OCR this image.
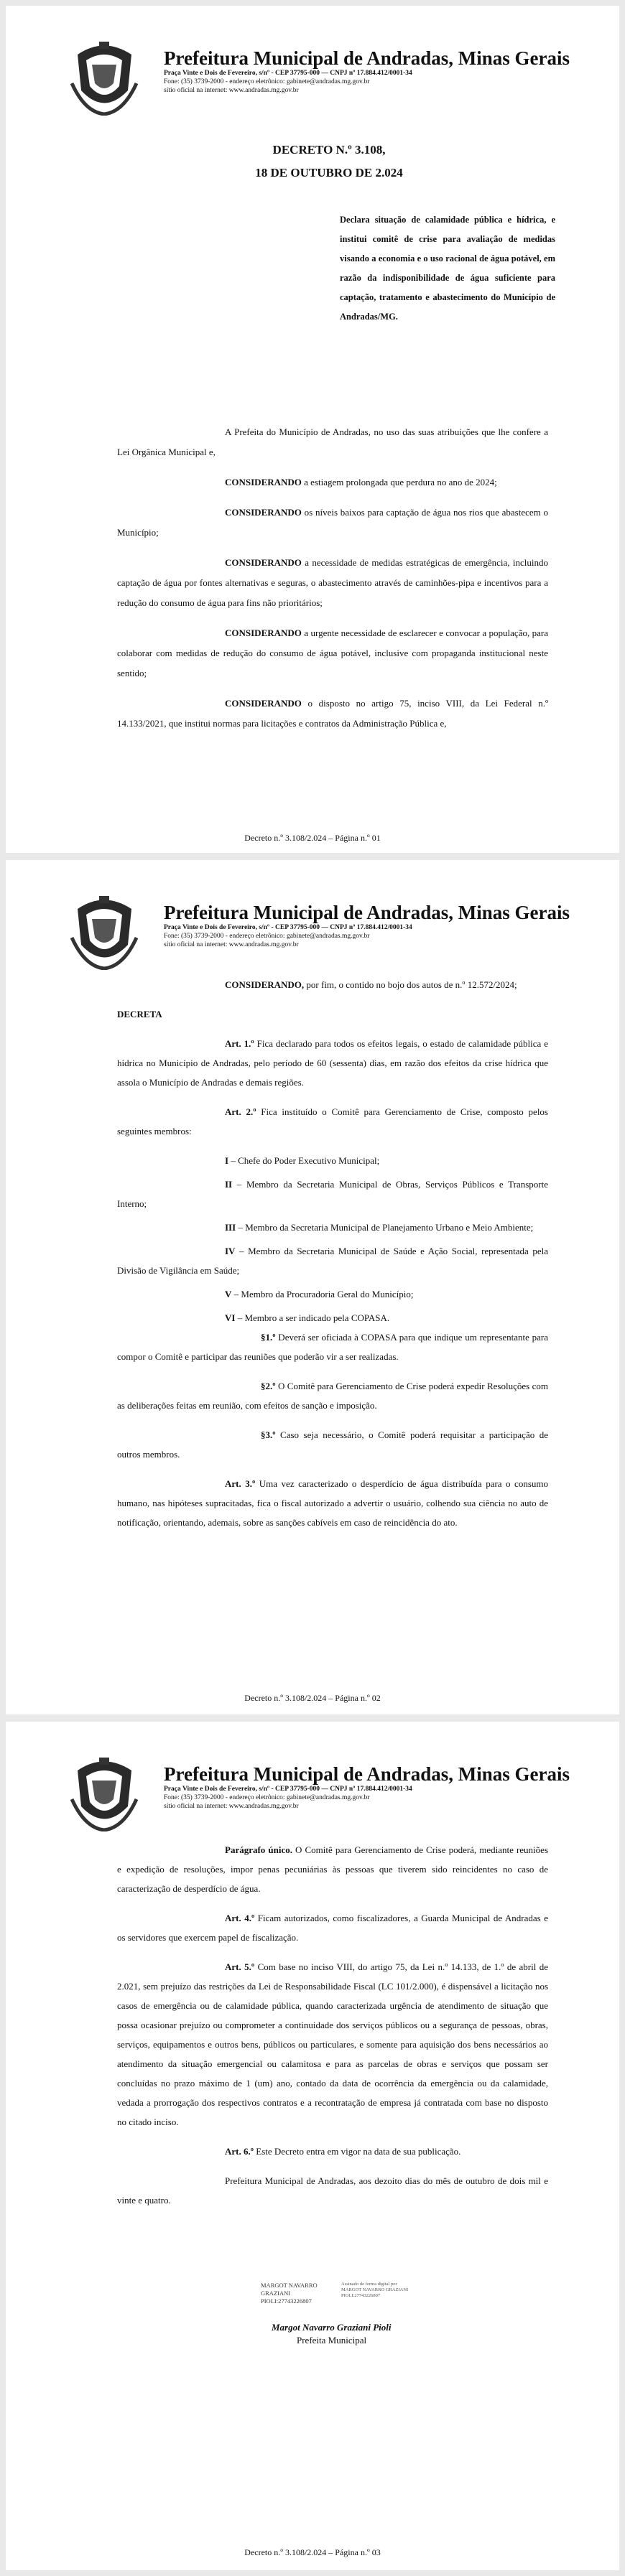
Prefeitura Municipal de Andradas, Minas Gerais
Praça Vinte e Dois de Fevereiro, s/nº - CEP 37795-000 — CNPJ nº 17.884.412/0001-34
Fone: (35) 3739-2000 - endereço eletrônico: gabinete@andradas.mg.gov.br
sítio oficial na internet: www.andradas.mg.gov.br
DECRETO N.º 3.108,
18 DE OUTUBRO DE 2.024
Declara situação de calamidade pública e hídrica, e institui comitê de crise para avaliação de medidas visando a economia e o uso racional de água potável, em razão da indisponibilidade de água suficiente para captação, tratamento e abastecimento do Município de Andradas/MG.

A Prefeita do Município de Andradas, no uso das suas atribuições que lhe confere a Lei Orgânica Municipal e,

CONSIDERANDO a estiagem prolongada que perdura no ano de 2024;

CONSIDERANDO os níveis baixos para captação de água nos rios que abastecem o Município;

CONSIDERANDO a necessidade de medidas estratégicas de emergência, incluindo captação de água por fontes alternativas e seguras, o abastecimento através de caminhões-pipa e incentivos para a redução do consumo de água para fins não prioritários;

CONSIDERANDO a urgente necessidade de esclarecer e convocar a população, para colaborar com medidas de redução do consumo de água potável, inclusive com propaganda institucional neste sentido;

CONSIDERANDO o disposto no artigo 75, inciso VIII, da Lei Federal n.º 14.133/2021, que institui normas para licitações e contratos da Administração Pública e,

Decreto n.º 3.108/2.024 – Página n.º 01
Prefeitura Municipal de Andradas, Minas Gerais
Praça Vinte e Dois de Fevereiro, s/nº - CEP 37795-000 — CNPJ nº 17.884.412/0001-34
Fone: (35) 3739-2000 - endereço eletrônico: gabinete@andradas.mg.gov.br
sítio oficial na internet: www.andradas.mg.gov.br

CONSIDERANDO, por fim, o contido no bojo dos autos de n.º 12.572/2024;

DECRETA

Art. 1.º Fica declarado para todos os efeitos legais, o estado de calamidade pública e hídrica no Município de Andradas, pelo período de 60 (sessenta) dias, em razão dos efeitos da crise hídrica que assola o Município de Andradas e demais regiões.

Art. 2.º Fica instituído o Comitê para Gerenciamento de Crise, composto pelos seguintes membros:

I – Chefe do Poder Executivo Municipal;

II – Membro da Secretaria Municipal de Obras, Serviços Públicos e Transporte Interno;

III – Membro da Secretaria Municipal de Planejamento Urbano e Meio Ambiente;

IV – Membro da Secretaria Municipal de Saúde e Ação Social, representada pela Divisão de Vigilância em Saúde;

V – Membro da Procuradoria Geral do Município;

VI – Membro a ser indicado pela COPASA.

§1.º Deverá ser oficiada à COPASA para que indique um representante para compor o Comitê e participar das reuniões que poderão vir a ser realizadas.

§2.º O Comitê para Gerenciamento de Crise poderá expedir Resoluções com as deliberações feitas em reunião, com efeitos de sanção e imposição.

§3.º Caso seja necessário, o Comitê poderá requisitar a participação de outros membros.

Art. 3.º Uma vez caracterizado o desperdício de água distribuída para o consumo humano, nas hipóteses supracitadas, fica o fiscal autorizado a advertir o usuário, colhendo sua ciência no auto de notificação, orientando, ademais, sobre as sanções cabíveis em caso de reincidência do ato.

Decreto n.º 3.108/2.024 – Página n.º 02
Prefeitura Municipal de Andradas, Minas Gerais
Praça Vinte e Dois de Fevereiro, s/nº - CEP 37795-000 — CNPJ nº 17.884.412/0001-34
Fone: (35) 3739-2000 - endereço eletrônico: gabinete@andradas.mg.gov.br
sítio oficial na internet: www.andradas.mg.gov.br

Parágrafo único. O Comitê para Gerenciamento de Crise poderá, mediante reuniões e expedição de resoluções, impor penas pecuniárias às pessoas que tiverem sido reincidentes no caso de caracterização de desperdício de água.

Art. 4.º Ficam autorizados, como fiscalizadores, a Guarda Municipal de Andradas e os servidores que exercem papel de fiscalização.

Art. 5.º Com base no inciso VIII, do artigo 75, da Lei n.º 14.133, de 1.º de abril de 2.021, sem prejuízo das restrições da Lei de Responsabilidade Fiscal (LC 101/2.000), é dispensável a licitação nos casos de emergência ou de calamidade pública, quando caracterizada urgência de atendimento de situação que possa ocasionar prejuízo ou comprometer a continuidade dos serviços públicos ou a segurança de pessoas, obras, serviços, equipamentos e outros bens, públicos ou particulares, e somente para aquisição dos bens necessários ao atendimento da situação emergencial ou calamitosa e para as parcelas de obras e serviços que possam ser concluídas no prazo máximo de 1 (um) ano, contado da data de ocorrência da emergência ou da calamidade, vedada a prorrogação dos respectivos contratos e a recontratação de empresa já contratada com base no disposto no citado inciso.

Art. 6.º Este Decreto entra em vigor na data de sua publicação.

Prefeitura Municipal de Andradas, aos dezoito dias do mês de outubro de dois mil e vinte e quatro.

MARGOT NAVARRO GRAZIANI PIOLI:27743226807
Assinado de forma digital por MARGOT NAVARRO GRAZIANI PIOLI:27743226807
Margot Navarro Graziani Pioli
Prefeita Municipal
Decreto n.º 3.108/2.024 – Página n.º 03
